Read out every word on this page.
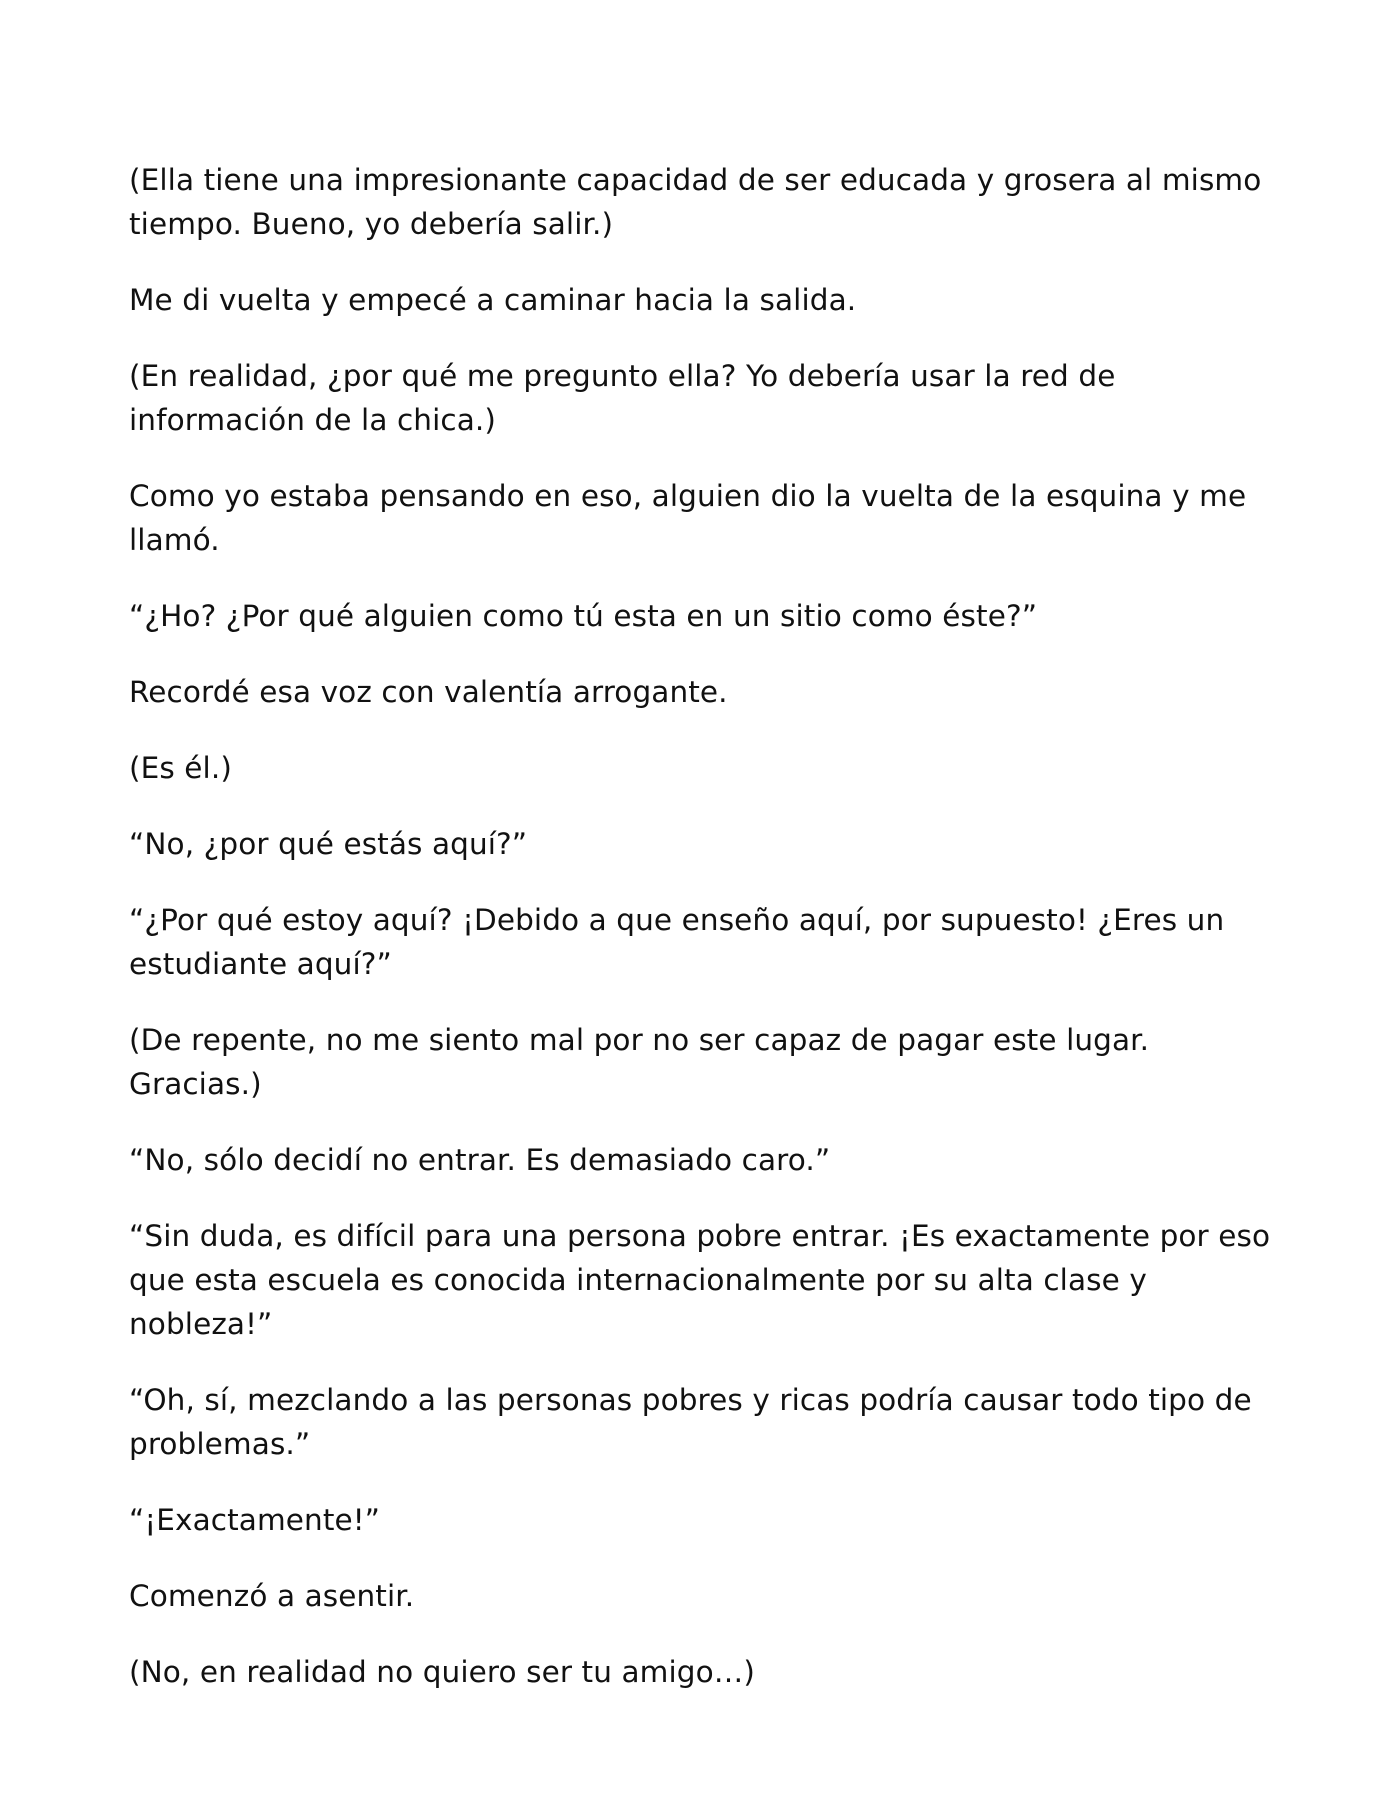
(Ella tiene una impresionante capacidad de ser educada y grosera al mismo tiempo. Bueno, yo debería salir.)

Me di vuelta y empecé a caminar hacia la salida.

(En realidad, ¿por qué me pregunto ella? Yo debería usar la red de información de la chica.)

Como yo estaba pensando en eso, alguien dio la vuelta de la esquina y me llamó.

“¿Ho? ¿Por qué alguien como tú esta en un sitio como éste?”

Recordé esa voz con valentía arrogante.

(Es él.)

“No, ¿por qué estás aquí?”

“¿Por qué estoy aquí? ¡Debido a que enseño aquí, por supuesto! ¿Eres un estudiante aquí?”

(De repente, no me siento mal por no ser capaz de pagar este lugar. Gracias.)

“No, sólo decidí no entrar. Es demasiado caro.”

“Sin duda, es difícil para una persona pobre entrar. ¡Es exactamente por eso que esta escuela es conocida internacionalmente por su alta clase y nobleza!”

“Oh, sí, mezclando a las personas pobres y ricas podría causar todo tipo de problemas.”

“¡Exactamente!”

Comenzó a asentir.

(No, en realidad no quiero ser tu amigo…)
